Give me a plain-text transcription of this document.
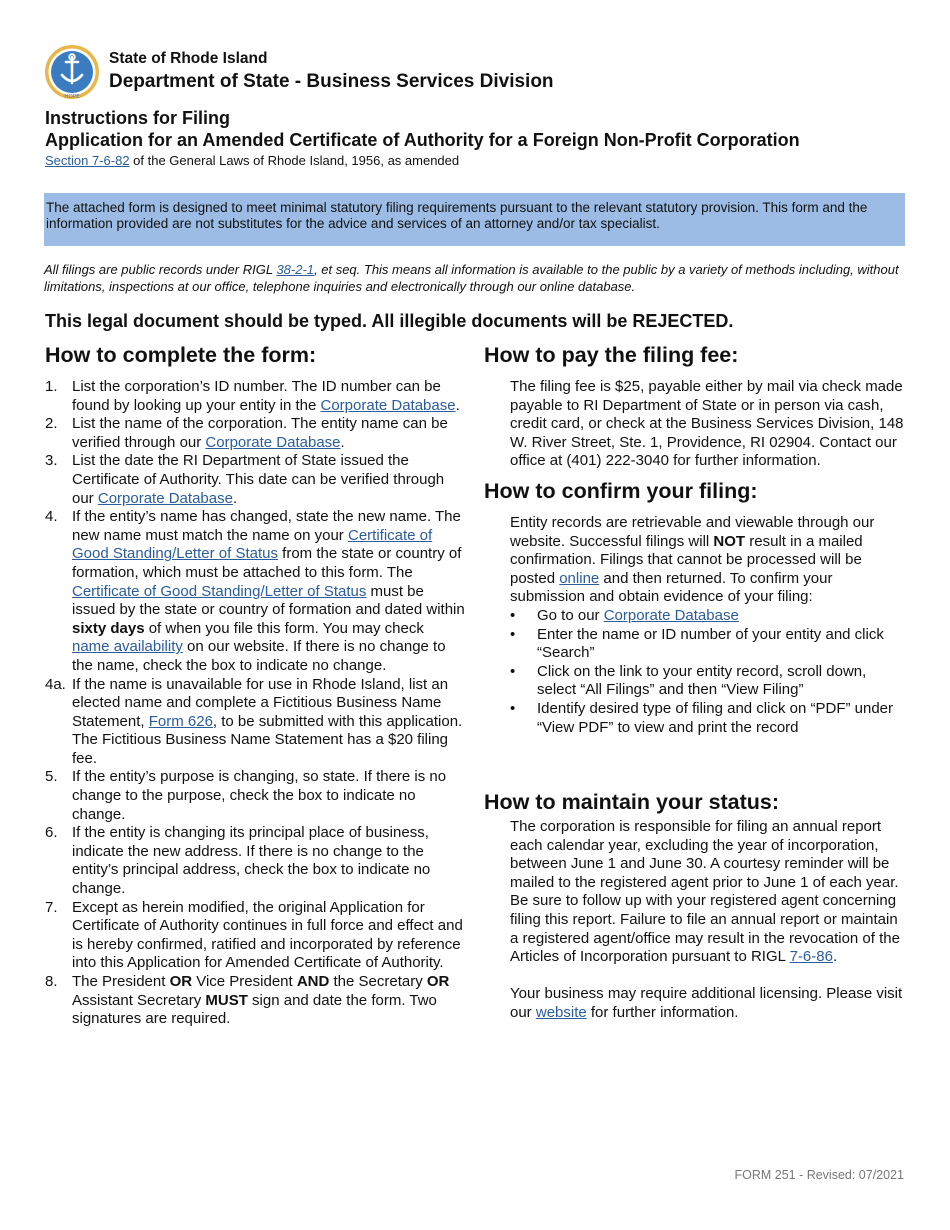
HOPE
State of Rhode Island
Department of State - Business Services Division
Instructions for Filing
Application for an Amended Certificate of Authority for a Foreign Non-Profit Corporation
Section 7-6-82 of the General Laws of Rhode Island, 1956, as amended
The attached form is designed to meet minimal statutory filing requirements pursuant to the relevant statutory provision. This form and the information provided are not substitutes for the advice and services of an attorney and/or tax specialist.
All filings are public records under RIGL 38-2-1, et seq. This means all information is available to the public by a variety of methods including, without limitations, inspections at our office, telephone inquiries and electronically through our online database.
This legal document should be typed. All illegible documents will be REJECTED.
How to complete the form:
1. List the corporation’s ID number. The ID number can be found by looking up your entity in the Corporate Database.
2. List the name of the corporation. The entity name can be verified through our Corporate Database.
3. List the date the RI Department of State issued the Certificate of Authority. This date can be verified through our Corporate Database.
4. If the entity’s name has changed, state the new name. The new name must match the name on your Certificate of Good Standing/Letter of Status from the state or country of formation, which must be attached to this form. The Certificate of Good Standing/Letter of Status must be issued by the state or country of formation and dated within sixty days of when you file this form. You may check name availability on our website. If there is no change to the name, check the box to indicate no change.
4a. If the name is unavailable for use in Rhode Island, list an elected name and complete a Fictitious Business Name Statement, Form 626, to be submitted with this application. The Fictitious Business Name Statement has a $20 filing fee.
5. If the entity’s purpose is changing, so state. If there is no change to the purpose, check the box to indicate no change.
6. If the entity is changing its principal place of business, indicate the new address. If there is no change to the entity’s principal address, check the box to indicate no change.
7. Except as herein modified, the original Application for Certificate of Authority continues in full force and effect and is hereby confirmed, ratified and incorporated by reference into this Application for Amended Certificate of Authority.
8. The President OR Vice President AND the Secretary OR Assistant Secretary MUST sign and date the form. Two signatures are required.
How to pay the filing fee:
The filing fee is $25, payable either by mail via check made payable to RI Department of State or in person via cash, credit card, or check at the Business Services Division, 148 W. River Street, Ste. 1, Providence, RI 02904. Contact our office at (401) 222-3040 for further information.
How to confirm your filing:
Entity records are retrievable and viewable through our website. Successful filings will NOT result in a mailed confirmation. Filings that cannot be processed will be posted online and then returned. To confirm your submission and obtain evidence of your filing:
• Go to our Corporate Database
• Enter the name or ID number of your entity and click “Search”
• Click on the link to your entity record, scroll down, select “All Filings” and then “View Filing”
• Identify desired type of filing and click on “PDF” under “View PDF” to view and print the record
How to maintain your status:
The corporation is responsible for filing an annual report each calendar year, excluding the year of incorporation, between June 1 and June 30. A courtesy reminder will be mailed to the registered agent prior to June 1 of each year. Be sure to follow up with your registered agent concerning filing this report. Failure to file an annual report or maintain a registered agent/office may result in the revocation of the Articles of Incorporation pursuant to RIGL 7-6-86.
Your business may require additional licensing. Please visit our website for further information.
FORM 251 - Revised: 07/2021
